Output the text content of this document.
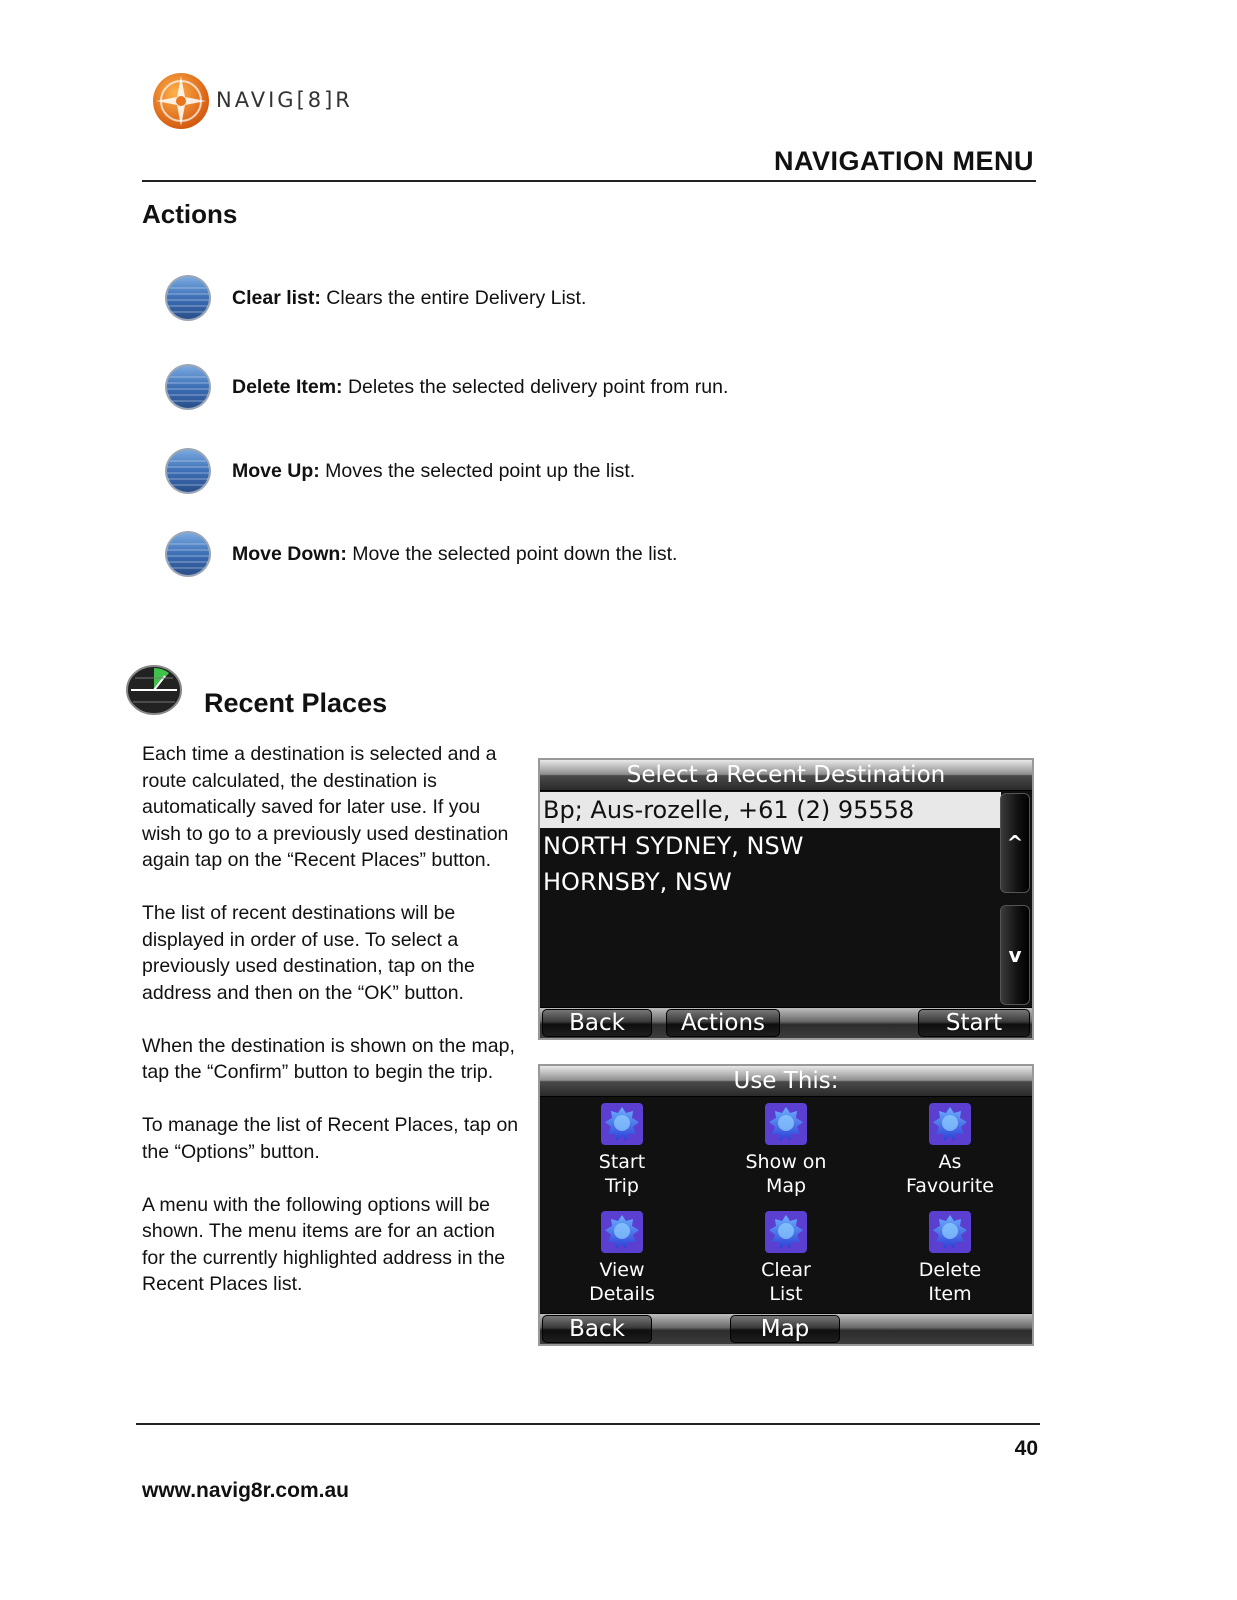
NAVIG[8]R
NAVIGATION MENU
Actions
Clear list: Clears the entire Delivery List.
Delete Item: Deletes the selected delivery point from run.
Move Up: Moves the selected point up the list.
Move Down: Move the selected point down the list.
Recent Places

Each time a destination is selected and a route calculated, the destination is automatically saved for later use. If you wish to go to a previously used destination again tap on the “Recent Places” button.

The list of recent destinations will be displayed in order of use. To select a previously used destination, tap on the address and then on the “OK” button.

When the destination is shown on the map, tap the “Confirm” button to begin the trip.

To manage the list of Recent Places, tap on the “Options” button.

A menu with the following options will be shown. The menu items are for an action for the currently highlighted address in the Recent Places list.

Select a Recent Destination
Bp; Aus-rozelle, +61 (2) 95558
NORTH SYDNEY, NSW
HORNSBY, NSW
^
v
Back	Actions	Start
Use This:
Start
Trip
Show on
Map
As
Favourite
View
Details
Clear
List
Delete
Item
Back	Map
40
www.navig8r.com.au
